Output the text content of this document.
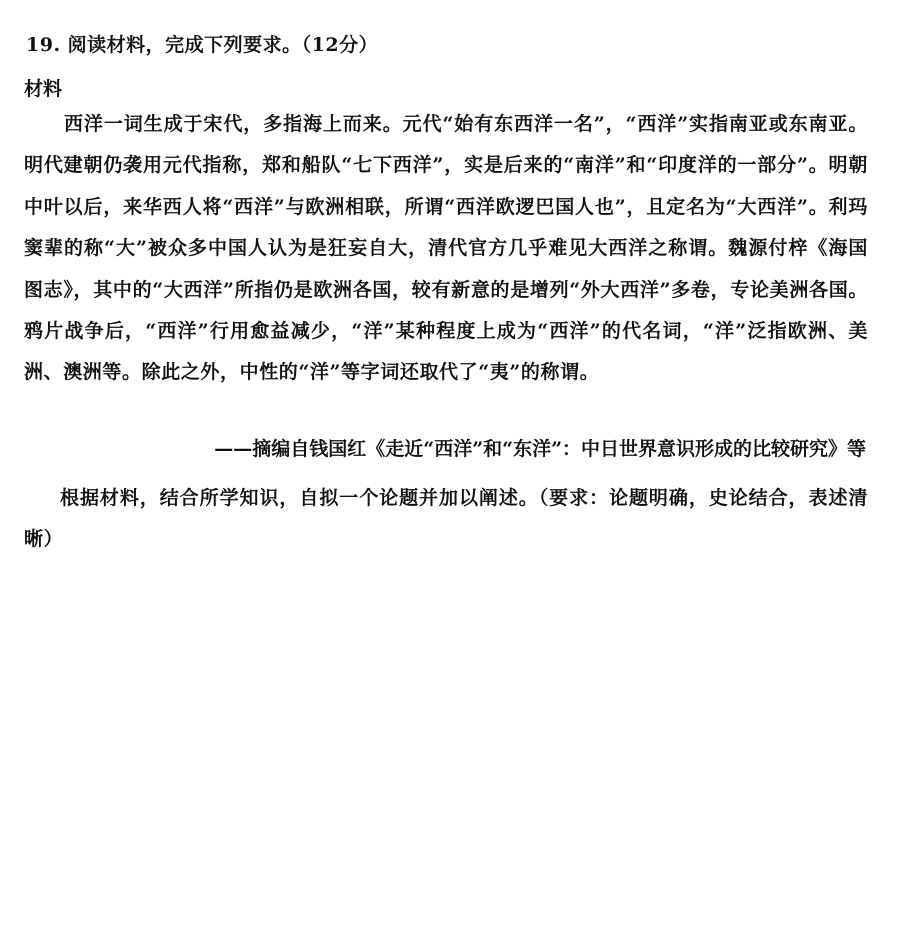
19. 阅读材料，完成下列要求。（12分）
材料

西洋一词生成于宋代，多指海上而来。元代“始有东西洋一名”，“西洋”实指南亚或东南亚。明代建朝仍袭用元代指称，郑和船队“七下西洋”，实是后来的“南洋”和“印度洋的一部分”。明朝中叶以后，来华西人将“西洋”与欧洲相联，所谓“西洋欧逻巴国人也”，且定名为“大西洋”。利玛窦辈的称“大”被众多中国人认为是狂妄自大，清代官方几乎难见大西洋之称谓。魏源付梓《海国图志》，其中的“大西洋”所指仍是欧洲各国，较有新意的是增列“外大西洋”多卷，专论美洲各国。鸦片战争后，“西洋”行用愈益减少，“洋”某种程度上成为“西洋”的代名词，“洋”泛指欧洲、美洲、澳洲等。除此之外，中性的“洋”等字词还取代了“夷”的称谓。

——摘编自钱国红《走近“西洋”和“东洋”：中日世界意识形成的比较研究》等

根据材料，结合所学知识，自拟一个论题并加以阐述。（要求：论题明确，史论结合，表述清晰）
